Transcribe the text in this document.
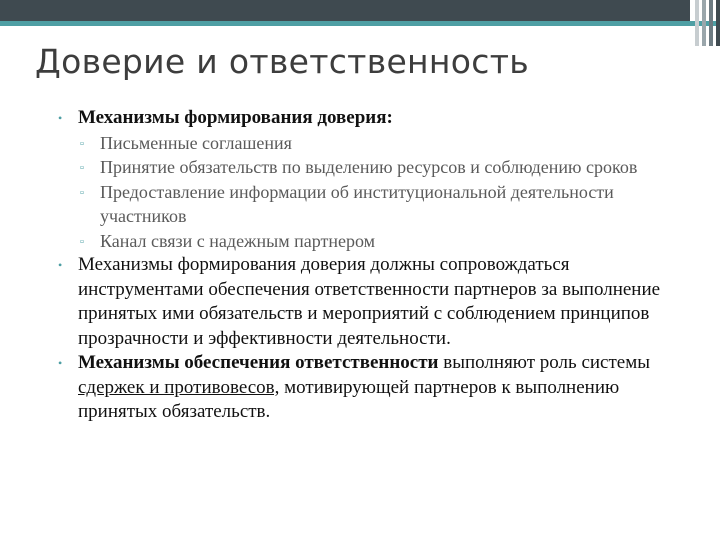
Доверие и ответственность
• Механизмы формирования доверия:
▫ Письменные соглашения
▫ Принятие обязательств по выделению ресурсов и соблюдению сроков
▫ Предоставление информации об институциональной деятельности участников
▫ Канал связи с надежным партнером
• Механизмы формирования доверия должны сопровождаться инструментами обеспечения ответственности партнеров за выполнение принятых ими обязательств и мероприятий с соблюдением принципов прозрачности и эффективности деятельности.
• Механизмы обеспечения ответственности выполняют роль системы сдержек и противовесов, мотивирующей партнеров к выполнению принятых обязательств.
